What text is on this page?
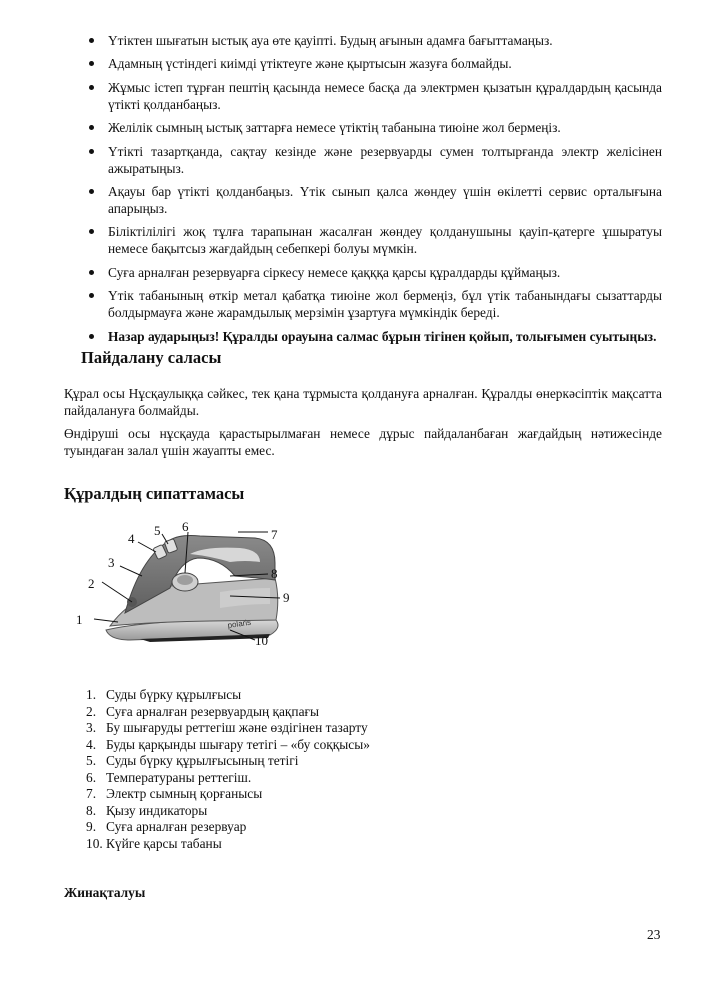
Үтіктен шығатын ыстық ауа өте қауіпті. Будың ағынын адамға бағыттамаңыз.
Адамның үстіндегі киімді үтіктеуге және қыртысын жазуға болмайды.
Жұмыс істеп тұрған пештің қасында немесе басқа да электрмен қызатын құралдардың қасында үтікті қолданбаңыз.
Желілік сымның ыстық заттарға немесе үтіктің табанына тиюіне жол бермеңіз.
Үтікті тазартқанда, сақтау кезінде және резервуарды сумен толтырғанда электр желісінен ажыратыңыз.
Ақауы бар үтікті қолданбаңыз. Үтік сынып қалса жөндеу үшін өкілетті сервис орталығына апарыңыз.
Біліктілілігі жоқ тұлға тарапынан жасалған жөндеу қолданушыны қауіп-қатерге ұшыратуы немесе бақытсыз жағдайдың себепкері болуы мүмкін.
Суға арналған резервуарға сіркесу немесе қақққа қарсы құралдарды құймаңыз.
Үтік табанының өткір метал қабатқа тиюіне жол бермеңіз, бұл үтік табанындағы сызаттарды болдырмауға және жарамдылық мерзімін ұзартуға мүмкіндік береді.
Назар аударыңыз! Құралды орауына салмас бұрын тігінен қойып, толығымен суытыңыз.
Пайдалану саласы

Құрал осы Нұсқаулыққа сәйкес, тек қана тұрмыста қолдануға арналған. Құралды өнеркәсіптік мақсатта пайдалануға болмайды.

Өндіруші осы нұсқауда қарастырылмаған немесе дұрыс пайдаланбаған жағдайдың нәтижесінде туындаған залал үшін жауапты емес.

Құралдың сипаттамасы
polaris
1
2
3
4
5 6
7
8
9
10
1. Суды бүрку құрылғысы
2. Суға арналған резервуардың қақпағы
3. Бу шығаруды реттегіш және өздігінен тазарту
4. Буды қарқынды шығару тетігі – «бу соққысы»
5. Суды бүрку құрылғысының тетігі
6. Температураны реттегіш.
7. Электр сымның қорғанысы
8. Қызу индикаторы
9. Суға арналған резервуар
10. Күйге қарсы табаны
Жинақталуы
23
